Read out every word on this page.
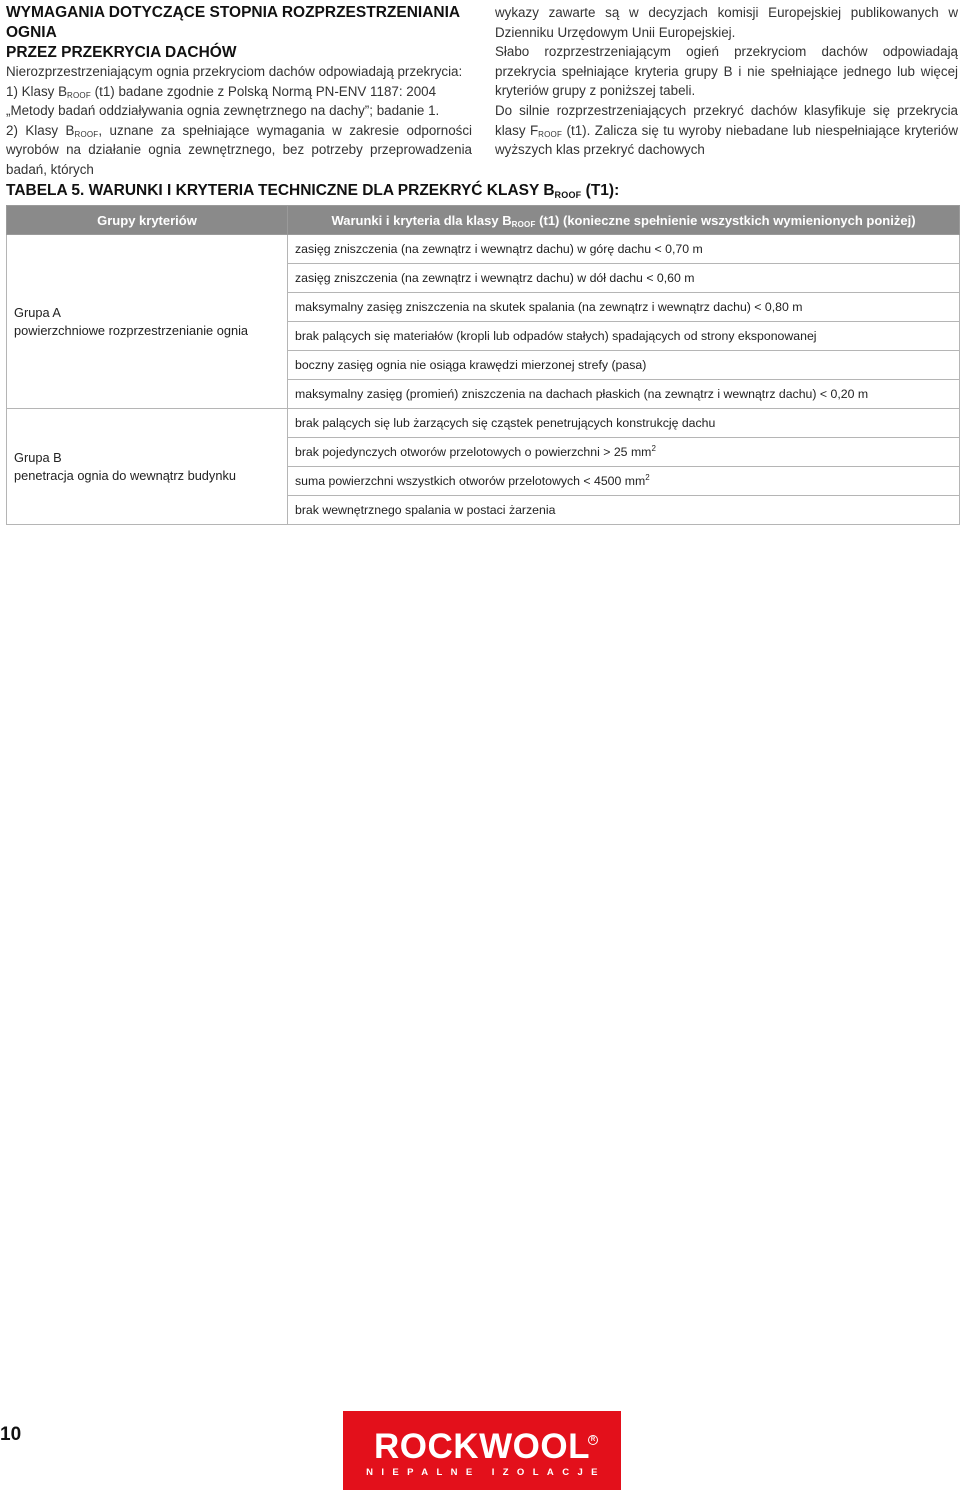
WYMAGANIA DOTYCZĄCE STOPNIA ROZPRZESTRZENIANIA OGNIA
PRZEZ PRZEKRYCIA DACHÓW

Nierozprzestrzeniającym ognia przekryciom dachów odpowiadają przekrycia:

1) Klasy $B_{ROOF}$ (t1) badane zgodnie z Polską Normą PN-ENV 1187: 2004 „Metody badań oddziaływania ognia zewnętrznego na dachy”; badanie 1.

2) Klasy $B_{ROOF}$, uznane za spełniające wymagania w zakresie odporności wyrobów na działanie ognia zewnętrznego, bez potrzeby przeprowadzenia badań, których

wykazy zawarte są w decyzjach komisji Europejskiej publikowanych w Dzienniku Urzędowym Unii Europejskiej.

Słabo rozprzestrzeniającym ogień przekryciom dachów odpowiadają przekrycia spełniające kryteria grupy B i nie spełniające jednego lub więcej kryteriów grupy z poniższej tabeli.

Do silnie rozprzestrzeniających przekryć dachów klasyfikuje się przekrycia klasy $F_{ROOF}$ (t1). Zalicza się tu wyroby niebadane lub niespełniające kryteriów wyższych klas przekryć dachowych

TABELA 5. WARUNKI I KRYTERIA TECHNICZNE DLA PRZEKRYĆ KLASY $B_{ROOF}$ (T1):
Grupy kryteriów	Warunki i kryteria dla klasy $B_{ROOF}$ (t1) (konieczne spełnienie wszystkich wymienionych poniżej)
Grupa A
powierzchniowe rozprzestrzenianie ognia	zasięg zniszczenia (na zewnątrz i wewnątrz dachu) w górę dachu < 0,70 m
	zasięg zniszczenia (na zewnątrz i wewnątrz dachu) w dół dachu < 0,60 m
	maksymalny zasięg zniszczenia na skutek spalania (na zewnątrz i wewnątrz dachu) < 0,80 m
	brak palących się materiałów (kropli lub odpadów stałych) spadających od strony eksponowanej
	boczny zasięg ognia nie osiąga krawędzi mierzonej strefy (pasa)
	maksymalny zasięg (promień) zniszczenia na dachach płaskich (na zewnątrz i wewnątrz dachu) < 0,20 m
Grupa B
penetracja ognia do wewnątrz budynku	brak palących się lub żarzących się cząstek penetrujących konstrukcję dachu
	brak pojedynczych otworów przelotowych o powierzchni > 25 $mm^2$
	suma powierzchni wszystkich otworów przelotowych < 4500 $mm^2$
	brak wewnętrznego spalania w postaci żarzenia
10	ROCKWOOL R
NIEPALNE IZOLACJE
